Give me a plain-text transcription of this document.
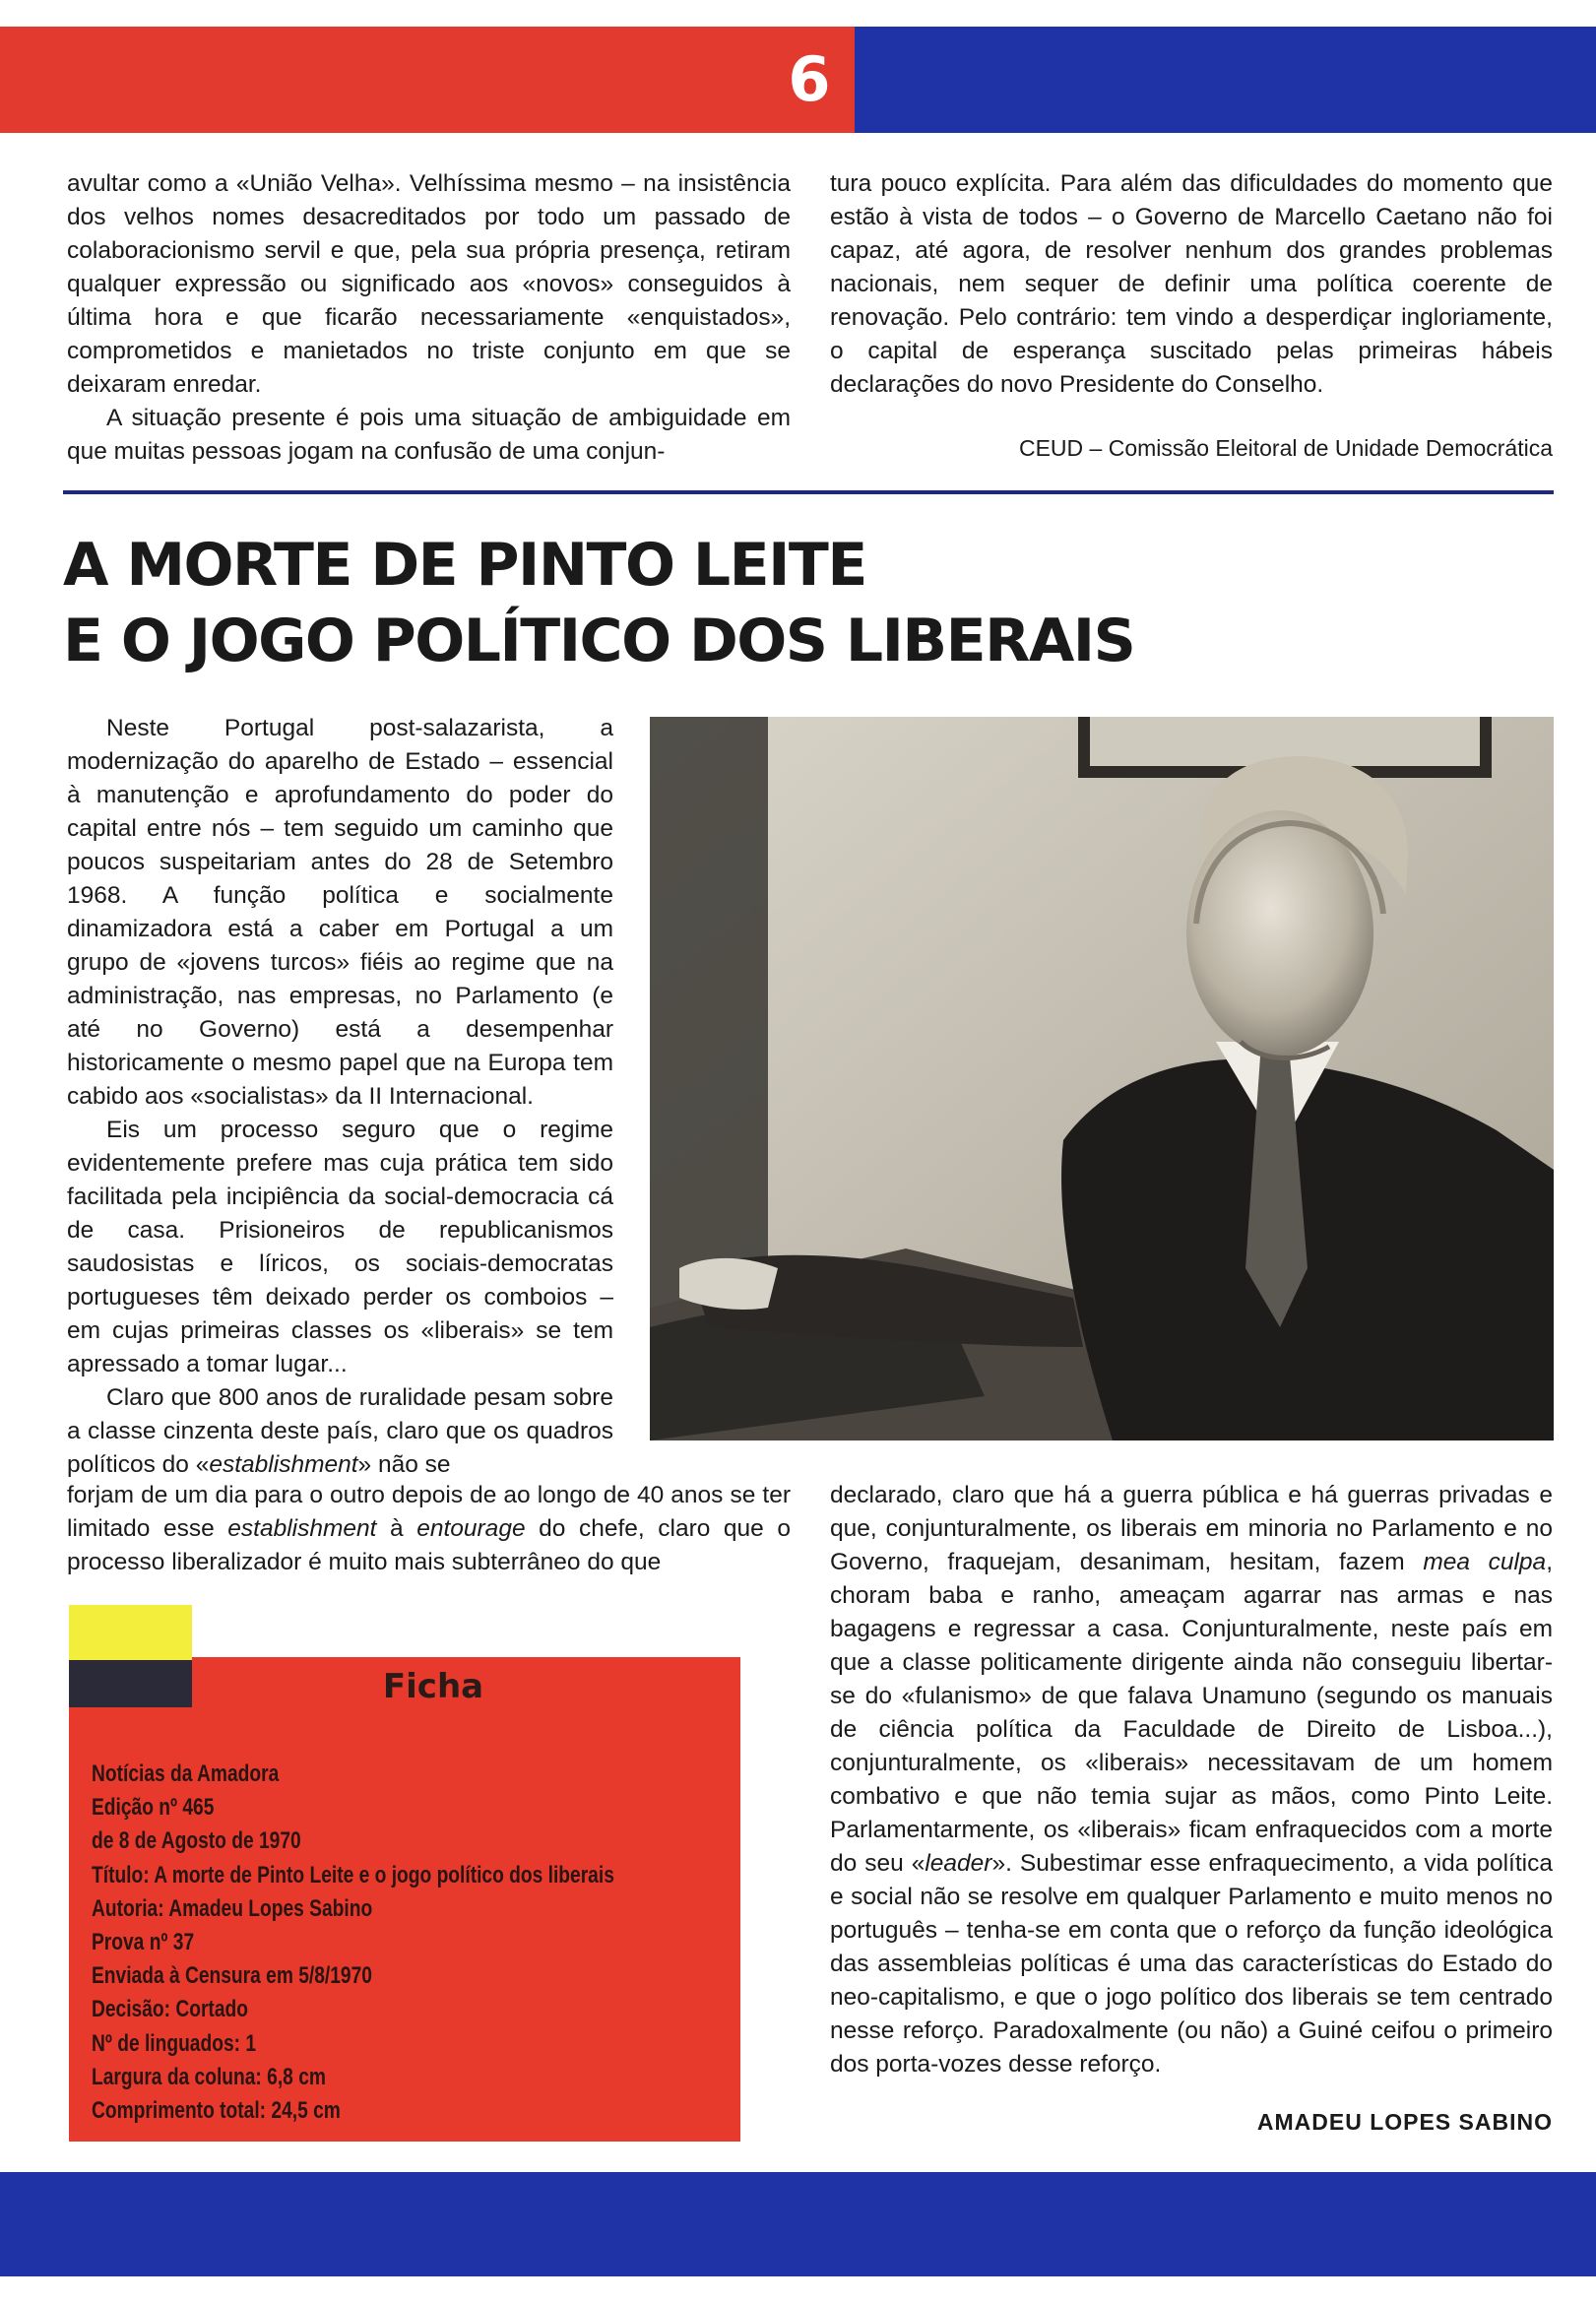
6

avultar como a «União Velha». Velhíssima mesmo – na insistência dos velhos nomes desacreditados por todo um passado de colaboracionismo servil e que, pela sua própria presença, retiram qualquer expressão ou significado aos «novos» conseguidos à última hora e que ficarão necessariamente «enquistados», comprometidos e manietados no triste conjunto em que se deixaram enredar.

A situação presente é pois uma situação de ambiguidade em que muitas pessoas jogam na confusão de uma conjun-

tura pouco explícita. Para além das dificuldades do momento que estão à vista de todos – o Governo de Marcello Caetano não foi capaz, até agora, de resolver nenhum dos grandes problemas nacionais, nem sequer de definir uma política coerente de renovação. Pelo contrário: tem vindo a desperdiçar ingloriamente, o capital de esperança suscitado pelas primeiras hábeis declarações do novo Presidente do Conselho.

CEUD – Comissão Eleitoral de Unidade Democrática
A MORTE DE PINTO LEITE
E O JOGO POLÍTICO DOS LIBERAIS

Neste Portugal post-salazarista, a modernização do aparelho de Estado – essencial à manutenção e aprofundamento do poder do capital entre nós – tem seguido um caminho que poucos suspeitariam antes do 28 de Setembro 1968. A função política e socialmente dinamizadora está a caber em Portugal a um grupo de «jovens turcos» fiéis ao regime que na administração, nas empresas, no Parlamento (e até no Governo) está a desempenhar historicamente o mesmo papel que na Europa tem cabido aos «socialistas» da II Internacional.

Eis um processo seguro que o regime evidentemente prefere mas cuja prática tem sido facilitada pela incipiência da social-democracia cá de casa. Prisioneiros de republicanismos saudosistas e líricos, os sociais-democratas portugueses têm deixado perder os comboios – em cujas primeiras classes os «liberais» se tem apressado a tomar lugar...

Claro que 800 anos de ruralidade pesam sobre a classe cinzenta deste país, claro que os quadros políticos do «establishment» não se

forjam de um dia para o outro depois de ao longo de 40 anos se ter limitado esse establishment à entourage do chefe, claro que o processo liberalizador é muito mais subterrâneo do que

declarado, claro que há a guerra pública e há guerras privadas e que, conjunturalmente, os liberais em minoria no Parlamento e no Governo, fraquejam, desanimam, hesitam, fazem mea culpa, choram baba e ranho, ameaçam agarrar nas armas e nas bagagens e regressar a casa. Conjunturalmente, neste país em que a classe politicamente dirigente ainda não conseguiu libertar-se do «fulanismo» de que falava Unamuno (segundo os manuais de ciência política da Faculdade de Direito de Lisboa...), conjunturalmente, os «liberais» necessitavam de um homem combativo e que não temia sujar as mãos, como Pinto Leite. Parlamentarmente, os «liberais» ficam enfraquecidos com a morte do seu «leader». Subestimar esse enfraquecimento, a vida política e social não se resolve em qualquer Parlamento e muito menos no português – tenha-se em conta que o reforço da função ideológica das assembleias políticas é uma das características do Estado do neo-capitalismo, e que o jogo político dos liberais se tem centrado nesse reforço. Paradoxalmente (ou não) a Guiné ceifou o primeiro dos porta-vozes desse reforço.

AMADEU LOPES SABINO
Ficha
Notícias da Amadora
Edição nº 465
de 8 de Agosto de 1970
Título: A morte de Pinto Leite e o jogo político dos liberais
Autoria: Amadeu Lopes Sabino
Prova nº 37
Enviada à Censura em 5/8/1970
Decisão: Cortado
Nº de linguados: 1
Largura da coluna: 6,8 cm
Comprimento total: 24,5 cm
